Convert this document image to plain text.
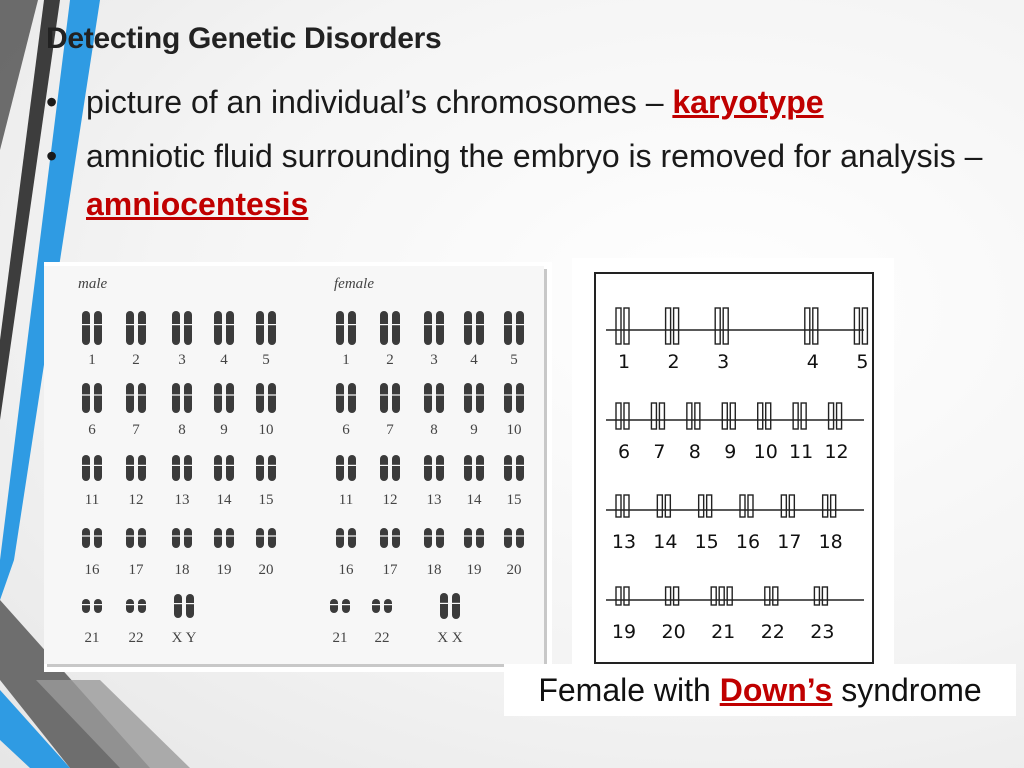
Detecting Genetic Disorders
• picture of an individual’s chromosomes – karyotype
• amniotic fluid surrounding the embryo is removed for analysis – amniocentesis
male	female
1	1
2	2
3	3
4	4
5	5
6	6
7	7
8	8
9	9
10	10
11	11
12	12
13	13
14	14
15	15
16	16
17	17
18	18
19	19
20	20
21 22 X Y	21 22	X X
1 2 3	4 5
6 7 8 9 10 11 12
13 14 15 16 17 18
19 20 21 22 23
Female with Down’s syndrome
